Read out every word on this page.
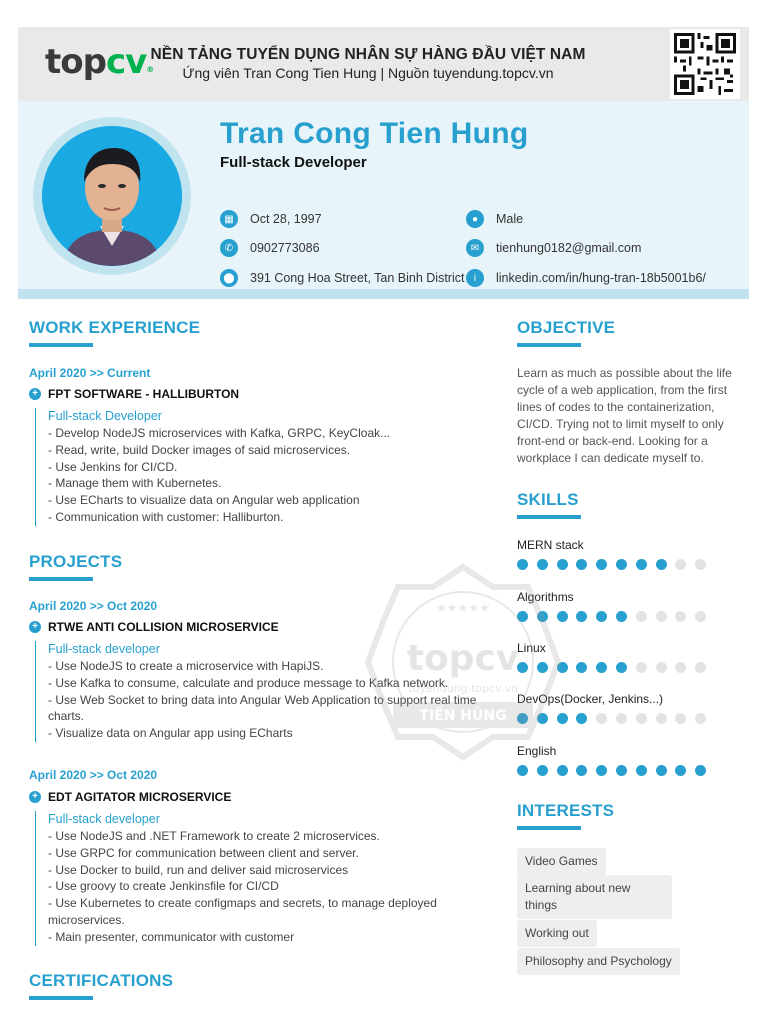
topcv®
NỀN TẢNG TUYỂN DỤNG NHÂN SỰ HÀNG ĐẦU VIỆT NAM
Ứng viên Tran Cong Tien Hung | Nguồn tuyendung.topcv.vn
Tran Cong Tien Hung
Full-stack Developer
▦	Oct 28, 1997	●	Male
✆	0902773086	✉	tienhung0182@gmail.com
⬤ 391 Cong Hoa Street, Tan Binh District i	linkedin.com/in/hung-tran-18b5001b6/
WORK EXPERIENCE
April 2020 >> Current
+ FPT SOFTWARE - HALLIBURTON
Full-stack Developer
- Develop NodeJS microservices with Kafka, GRPC, KeyCloak...
- Read, write, build Docker images of said microservices.
- Use Jenkins for CI/CD.
- Manage them with Kubernetes.
- Use ECharts to visualize data on Angular web application
- Communication with customer: Halliburton.
PROJECTS
April 2020 >> Oct 2020
+ RTWE ANTI COLLISION MICROSERVICE
Full-stack developer
- Use NodeJS to create a microservice with HapiJS.
- Use Kafka to consume, calculate and produce message to Kafka network.
- Use Web Socket to bring data into Angular Web Application to support real time
charts.
- Visualize data on Angular app using ECharts
April 2020 >> Oct 2020
+ EDT AGITATOR MICROSERVICE
Full-stack developer
- Use NodeJS and .NET Framework to create 2 microservices.
- Use GRPC for communication between client and server.
- Use Docker to build, run and deliver said microservices
- Use groovy to create Jenkinsfile for CI/CD
- Use Kubernetes to create configmaps and secrets, to manage deployed
microservices.
- Main presenter, communicator with customer
CERTIFICATIONS
OBJECTIVE
Learn as much as possible about the life cycle of a web application, from the first lines of codes to the containerization, CI/CD. Trying not to limit myself to only front-end or back-end. Looking for a workplace I can dedicate myself to.
SKILLS
MERN stack
Algorithms
Linux
DevOps(Docker, Jenkins...)
English
INTERESTS
Video Games
Learning about new things
Working out
Philosophy and Psychology
★★★★★
topcv
tuyendung.topcv.vn
TIẾN HÙNG
